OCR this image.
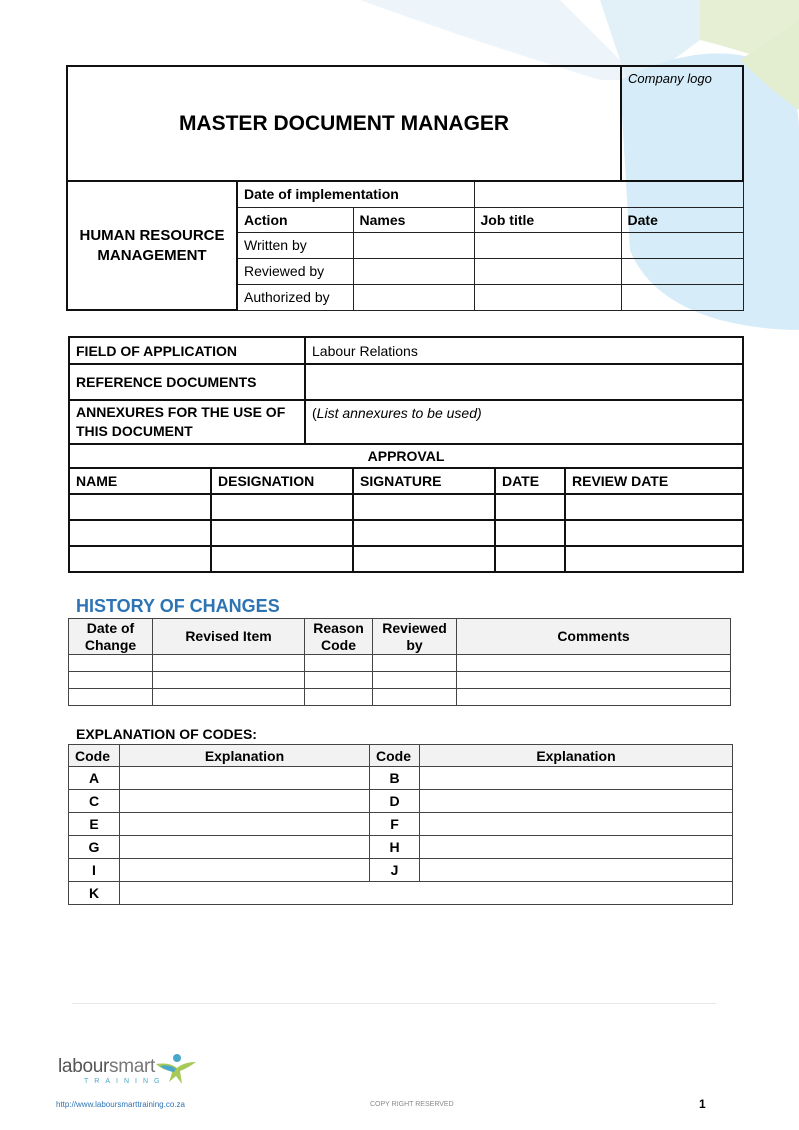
MASTER DOCUMENT MANAGER				Company logo
HUMAN RESOURCE MANAGEMENT	Date of implementation			
	Action	Names	Job title	Date
	Written by			
	Reviewed by			
	Authorized by			
FIELD OF APPLICATION		Labour Relations			
REFERENCE DOCUMENTS					
ANNEXURES FOR THE USE OF THIS DOCUMENT		(List annexures to be used)			
APPROVAL					
NAME	DESIGNATION		SIGNATURE	DATE	REVIEW DATE

HISTORY OF CHANGES
Date of Change	Revised Item	Reason Code	Reviewed by	Comments

EXPLANATION OF CODES:
Code	Explanation	Code	Explanation
A		B	
C		D	
E		F	
G		H	
I		J	
K			
laboursmart
TRAINING
http://www.laboursmarttraining.co.za	COPY RIGHT RESERVED	1
